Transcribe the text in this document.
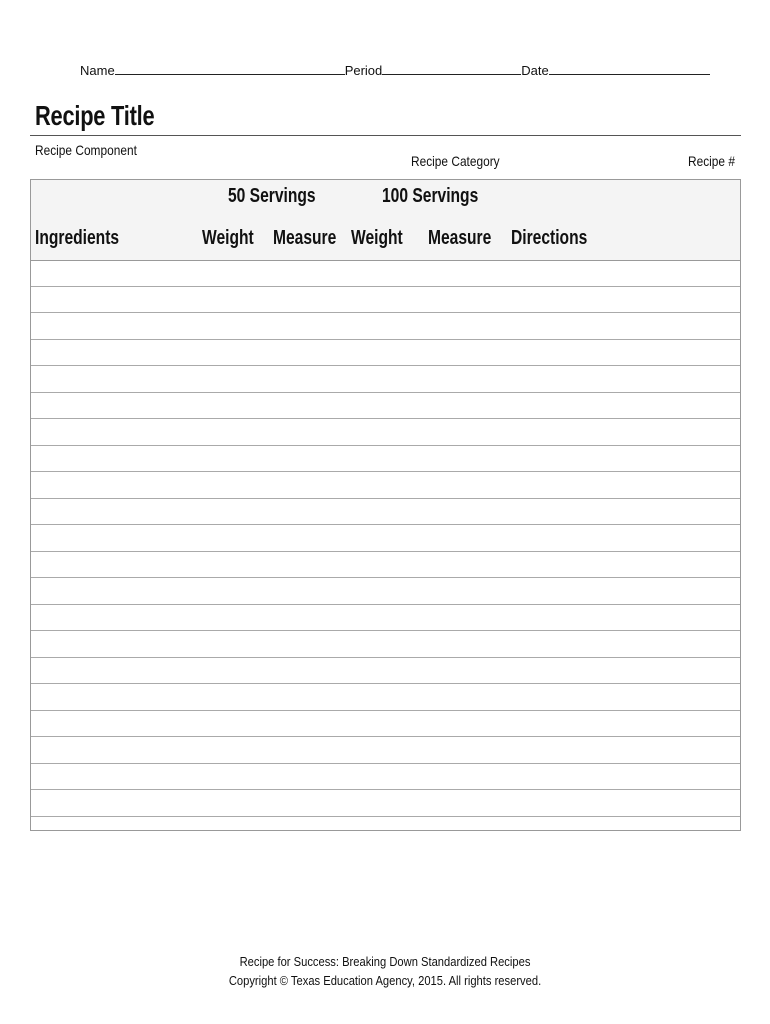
Name	Period	Date
Recipe Title
Recipe Component
Recipe Category	Recipe #
50 Servings	100 Servings
Ingredients	Weight Measure Weight Measure Directions
Recipe for Success: Breaking Down Standardized Recipes
Copyright © Texas Education Agency, 2015. All rights reserved.
